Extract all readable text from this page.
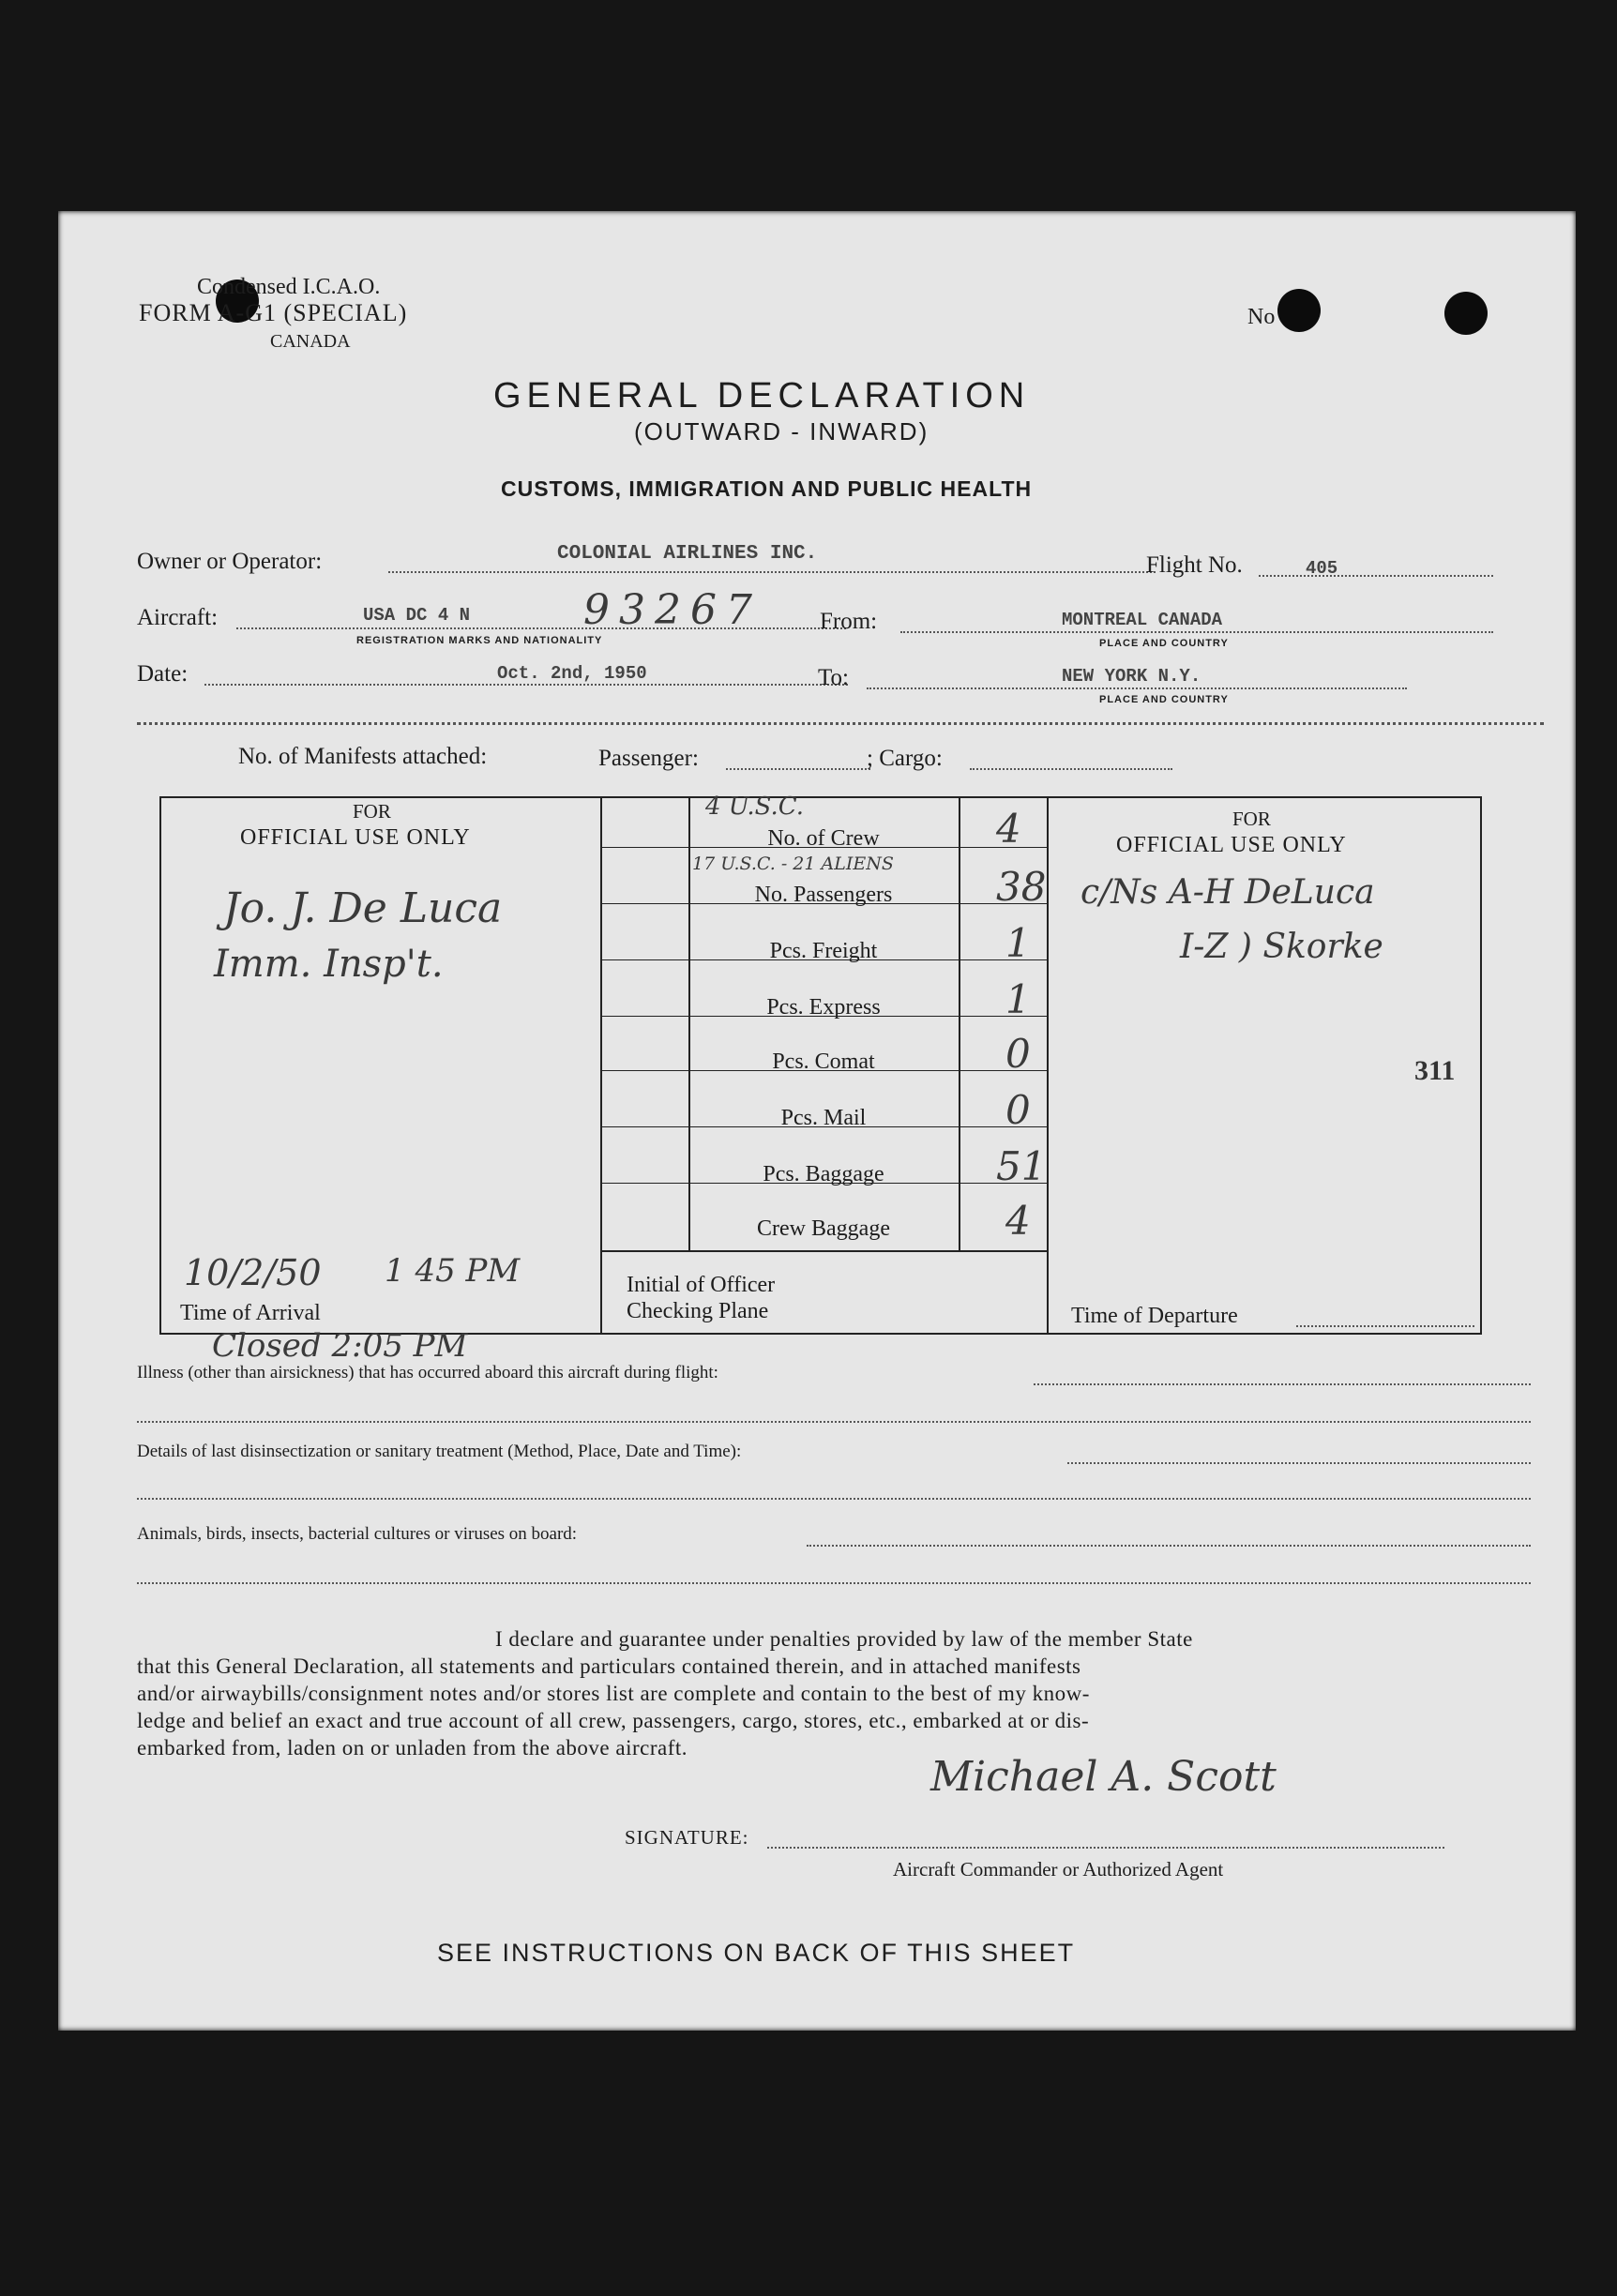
Condensed I.C.A.O.
FORM A-G1 (SPECIAL)
CANADA
No
GENERAL DECLARATION
(OUTWARD - INWARD)
CUSTOMS, IMMIGRATION AND PUBLIC HEALTH
Owner or Operator:	COLONIAL AIRLINES INC.	Flight No.	405
Aircraft:	USA DC 4 N	93267
REGISTRATION MARKS AND NATIONALITY
From:	MONTREAL CANADA
PLACE AND COUNTRY
Date:	Oct. 2nd, 1950	To:	NEW YORK N.Y.
PLACE AND COUNTRY
No. of Manifests attached:	Passenger:	; Cargo:
FOR
OFFICIAL USE ONLY
Jo. J. De Luca
Imm. Insp't.
10/2/50 1 45 PM
Time of Arrival
4 U.S.C.
17 U.S.C. - 21 ALIENS
No. of Crew	4
No. Passengers	38
Pcs. Freight	1
Pcs. Express	1
Pcs. Comat	0
Pcs. Mail	0
Pcs. Baggage	51
Crew Baggage	4
Initial of Officer
Checking Plane
FOR
OFFICIAL USE ONLY
c/Ns A-H DeLuca
I-Z ) Skorke
311
Time of Departure
Closed 2:05 PM
Illness (other than airsickness) that has occurred aboard this aircraft during flight:
Details of last disinsectization or sanitary treatment (Method, Place, Date and Time):
Animals, birds, insects, bacterial cultures or viruses on board:
I declare and guarantee under penalties provided by law of the member State
that this General Declaration, all statements and particulars contained therein, and in attached manifests
and/or airwaybills/consignment notes and/or stores list are complete and contain to the best of my know-
ledge and belief an exact and true account of all crew, passengers, cargo, stores, etc., embarked at or dis-
embarked from, laden on or unladen from the above aircraft.
Michael A. Scott
SIGNATURE:
Aircraft Commander or Authorized Agent
SEE INSTRUCTIONS ON BACK OF THIS SHEET
